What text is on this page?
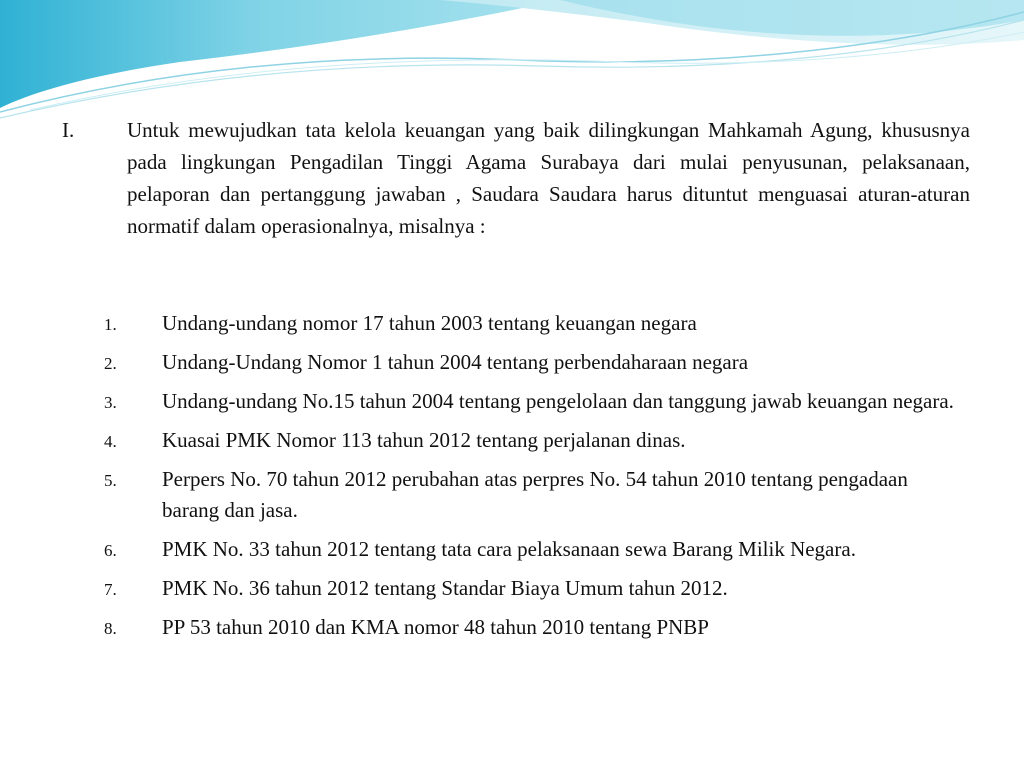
I.	Untuk mewujudkan tata kelola keuangan yang baik dilingkungan Mahkamah Agung, khususnya pada lingkungan Pengadilan Tinggi Agama Surabaya dari mulai penyusunan, pelaksanaan, pelaporan dan pertanggung jawaban , Saudara Saudara harus dituntut menguasai aturan-aturan normatif dalam operasionalnya, misalnya :
1. Undang-undang nomor 17 tahun 2003 tentang keuangan negara
2. Undang-Undang Nomor 1 tahun 2004 tentang perbendaharaan negara
3. Undang-undang No.15 tahun 2004 tentang pengelolaan dan tanggung jawab keuangan negara.
4. Kuasai PMK Nomor 113 tahun 2012 tentang perjalanan dinas.
5. Perpers No. 70 tahun 2012 perubahan atas perpres No. 54 tahun 2010 tentang pengadaan barang dan jasa.
6. PMK No. 33 tahun 2012 tentang tata cara pelaksanaan sewa Barang Milik Negara.
7. PMK No. 36 tahun 2012 tentang Standar Biaya Umum tahun 2012.
8. PP 53 tahun 2010 dan KMA nomor 48 tahun 2010 tentang PNBP
